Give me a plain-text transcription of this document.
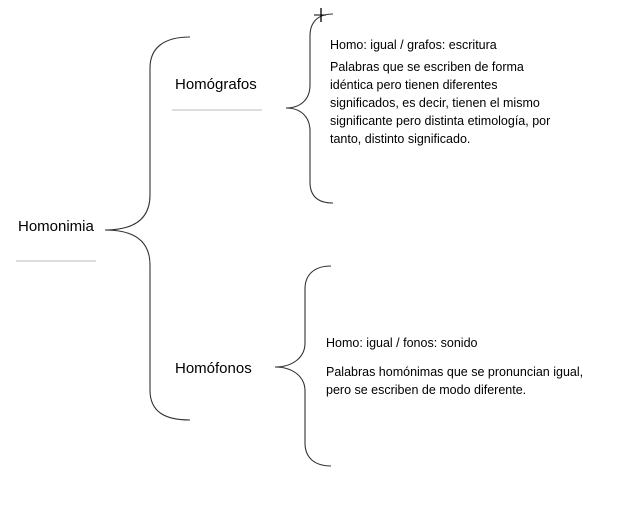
Homonimia

Homógrafos

Homo: igual / grafos: escritura

Palabras que se escriben de forma
idéntica pero tienen diferentes
significados, es decir, tienen el mismo
significante pero distinta etimología, por
tanto, distinto significado.

Homófonos

Homo: igual / fonos: sonido

Palabras homónimas que se pronuncian igual,
pero se escriben de modo diferente.
